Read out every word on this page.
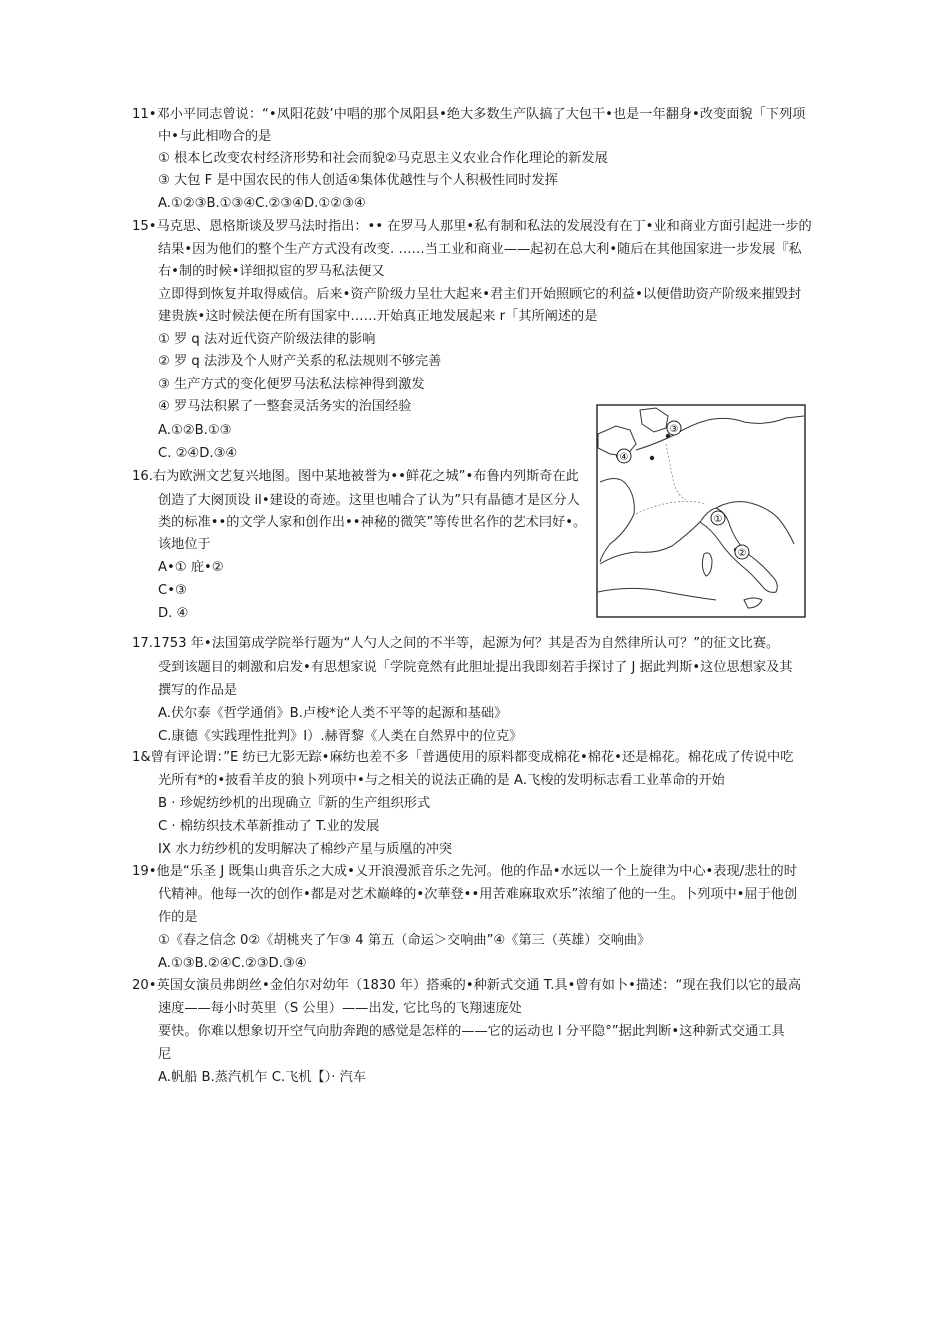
11•邓小平同志曾说：“•凤阳花鼓’中唱的那个凤阳县•绝大多数生产队搞了大包干•也是一年翻身•改变面貌「下列项
中•与此相吻合的是
① 根本匕改变农村经济形势和社会而貌②马克思主义农业合作化理论的新发展
③ 大包 F 是中国农民的伟人创适④集体优越性与个人积极性同时发挥
A.①②③B.①③④C.②③④D.①②③④
15•马克思、恩格斯谈及罗马法时指出：•• 在罗马人那里•私有制和私法的发展没有在丁•业和商业方面引起进一步的
结果•因为他们的整个生产方式没有改变. ……当工业和商业——起初在总大利•随后在其他国家进一步发展『私
右•制的时候•详细拟宦的罗马私法便又
立即得到恢复并取得威信。后来•资产阶级力呈壮大起来•君主们开始照顾它的利益•以便借助资产阶级来摧毁封
建贵族•这时候法便在所有国家中……开始真正地发展起来 r「其所阐述的是
① 罗 q 法对近代资产阶级法律的影响
② 罗 q 法涉及个人财产关系的私法规则不够完善
③ 生产方式的变化便罗马法私法棕神得到激发
④ 罗马法积累了一整套灵活务实的治国经验
A.①②B.①③
C. ②④D.③④
16.右为欧洲文艺复兴地图。图中某地被誉为••鲜花之城”•布鲁内列斯奇在此
创造了大阕顶设 il•建设的奇迹。这里也哺合了认为”只有晶德才是区分人
类的标准••的文学人家和创作出••神秘的微笑”等传世名作的艺术冃好•。
该地位于
A•① 庇•②
C•③
D. ④
③
④
①
②
17.1753 年•法国第成学院举行题为“人勺人之间的不半等，起源为何？其是否为自然律所认可？”的征文比赛。
受到该题目的刺激和启发•有思想家说「学院竟然有此胆址提出我即刻若手探讨了 J 据此判斯•这位思想家及其
撰写的作品是
A.伏尔泰《哲学通俏》B.卢梭*论人类不平等的起源和基础》
C.康德《实践理性批判》I）.赫胥黎《人类在自然界中的位克》
1&曾有评论谓：”E 纺已尢影无踪•麻纺也差不多「普遇使用的原料都变成棉花•棉花•还是棉花。棉花成了传说中吃
光所有*的•披看羊皮的狼卜列项中•与之相关的说法正确的是 A.飞梭的发明标志看工业革命的开始
B · 珍妮纺纱机的出现确立『新的生产组织形式
C · 棉纺织技术革新推动了 T.业的发展
IX 水力纺纱机的发明解决了棉纱产星与质凰的冲突
19•他是“乐圣 J 既集山典音乐之大成•乂开浪漫派音乐之先河。他的作品•水远以一个上旋律为中心•表现/悲壮的时
代精神。他每一次的创作•都是对艺术巅峰的•次華登••用苦难麻取欢乐”浓缩了他的一生。卜列项中•屈于他创
作的是
①《春之信念 0②《胡桃夹了乍③ 4 第五（命运＞交响曲”④《第三（英雄）交响曲》
A.①③B.②④C.②③D.③④
20•英国女演员弗朗丝•金伯尔对幼年（1830 年）搭乘的•种新式交通 T.具•曾有如卜•描述：“现在我们以它的最高
速度——每小时英里（S 公里）——出发, 它比鸟的飞翔速庞处
要快。你难以想象切开空气向肋奔跑的感觉是怎样的——它的运动也 l 分平隐°”据此判断•这种新式交通工具
尼
A.帆船 B.蒸汽机乍 C.飞机【）· 汽车
